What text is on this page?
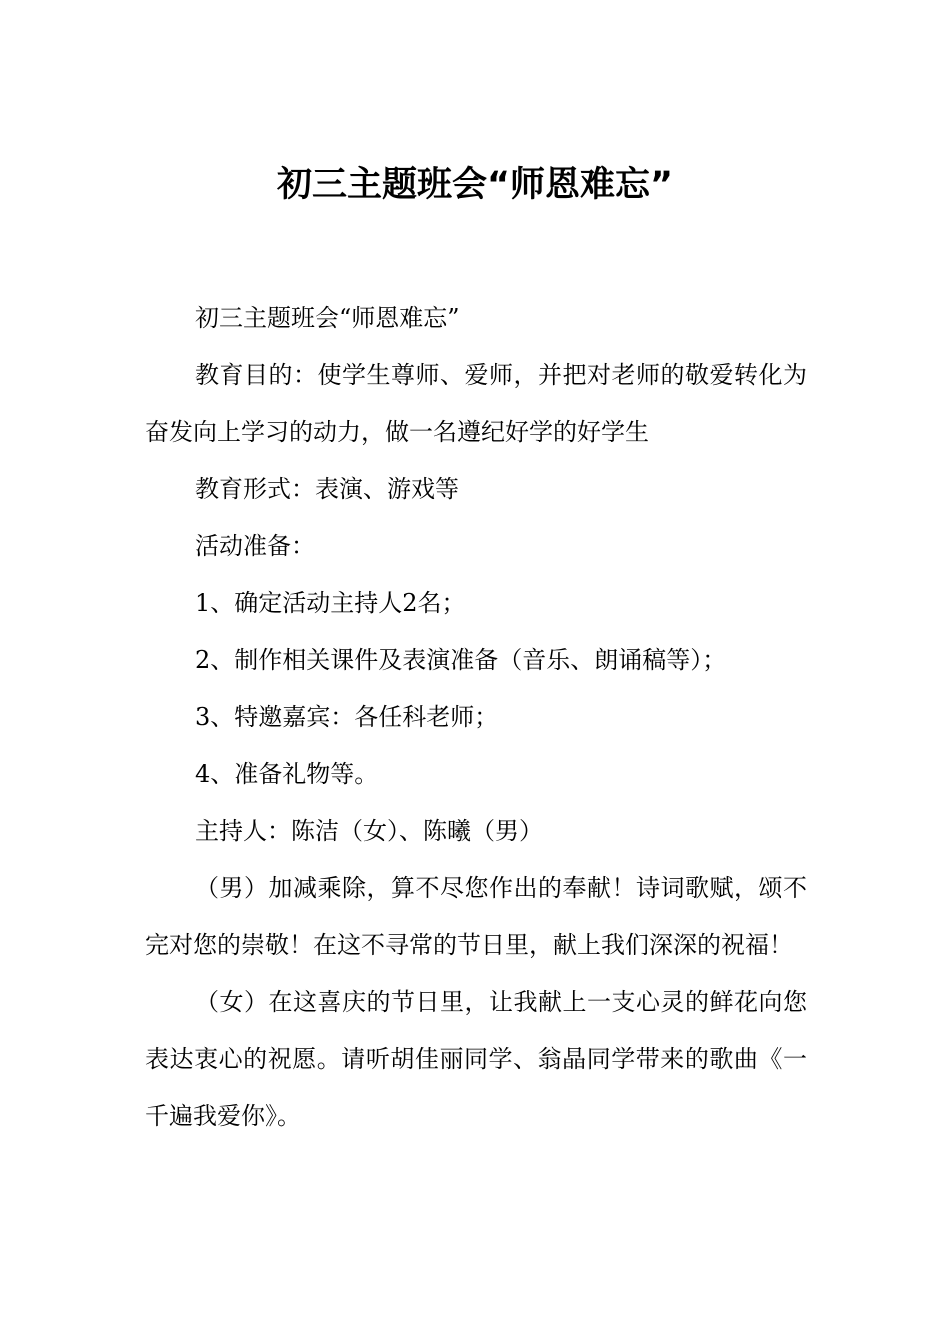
初三主题班会“师恩难忘”

初三主题班会“师恩难忘”

教育目的：使学生尊师、爱师，并把对老师的敬爱转化为奋发向上学习的动力，做一名遵纪好学的好学生

教育形式：表演、游戏等

活动准备：

1、确定活动主持人2名；

2、制作相关课件及表演准备（音乐、朗诵稿等）；

3、特邀嘉宾：各任科老师；

4、准备礼物等。

主持人：陈洁（女）、陈曦（男）

（男）加减乘除，算不尽您作出的奉献！诗词歌赋，颂不完对您的崇敬！在这不寻常的节日里，献上我们深深的祝福！

（女）在这喜庆的节日里，让我献上一支心灵的鲜花向您表达衷心的祝愿。请听胡佳丽同学、翁晶同学带来的歌曲《一千遍我爱你》。
